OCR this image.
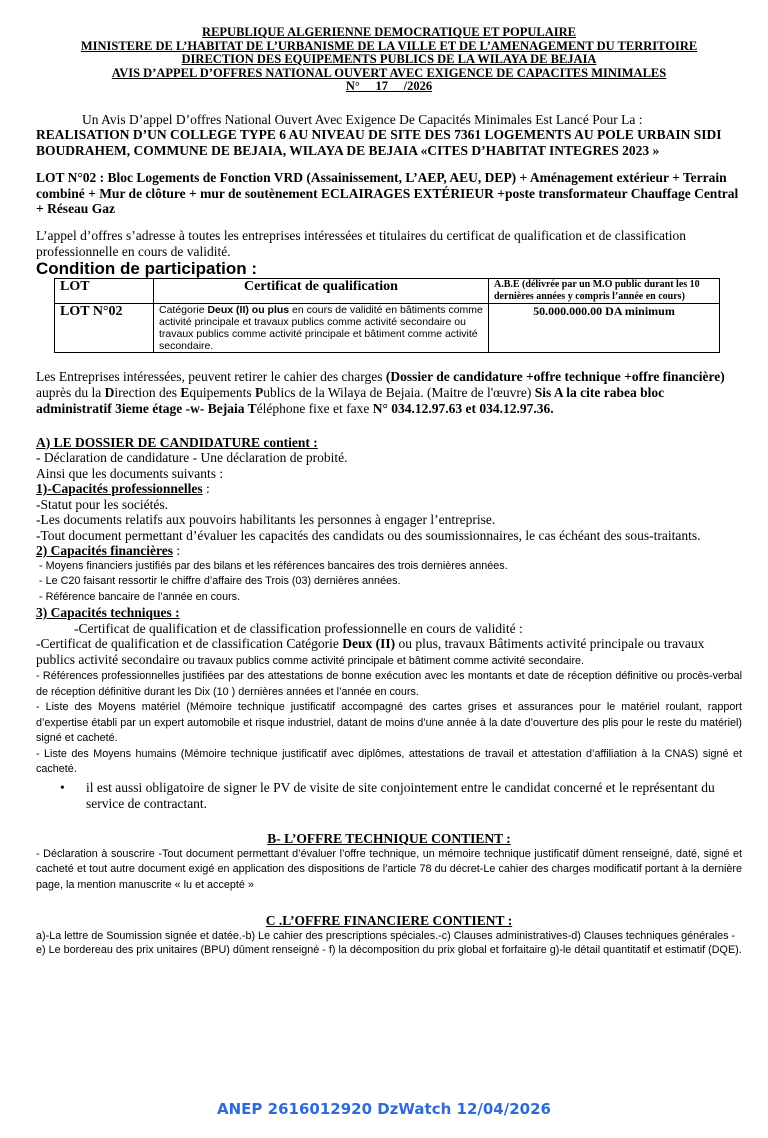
REPUBLIQUE ALGERIENNE DEMOCRATIQUE ET POPULAIRE
MINISTERE DE L’HABITAT DE L’URBANISME DE LA VILLE ET DE L’AMENAGEMENT DU TERRITOIRE
DIRECTION DES EQUIPEMENTS PUBLICS DE LA WILAYA DE BEJAIA
AVIS D’APPEL D’OFFRES NATIONAL OUVERT AVEC EXIGENCE DE CAPACITES MINIMALES
N°     17     /2026
Un Avis D’appel D’offres National Ouvert Avec Exigence De Capacités Minimales Est Lancé Pour La :
REALISATION D’UN COLLEGE TYPE 6 AU NIVEAU DE SITE DES 7361 LOGEMENTS AU POLE URBAIN SIDI BOUDRAHEM, COMMUNE DE BEJAIA, WILAYA DE BEJAIA «CITES D’HABITAT INTEGRES 2023 »
LOT N°02 : Bloc Logements de Fonction VRD (Assainissement, L’AEP, AEU, DEP) + Aménagement extérieur + Terrain combiné + Mur de clôture + mur de soutènement ECLAIRAGES EXTÉRIEUR +poste transformateur Chauffage Central + Réseau Gaz
L’appel d’offres s’adresse à toutes les entreprises intéressées et titulaires du certificat de qualification et de classification professionnelle en cours de validité.
Condition de participation :
LOT	Certificat de qualification	A.B.E (délivrée par un M.O public durant les 10 dernières années y compris l’année en cours)
LOT N°02	Catégorie Deux (II) ou plus en cours de validité en bâtiments comme activité principale et travaux publics comme activité secondaire ou travaux publics comme activité principale et bâtiment comme activité secondaire.	50.000.000.00 DA minimum
Les Entreprises intéressées, peuvent retirer le cahier des charges (Dossier de candidature +offre technique +offre financière) auprès du la Direction des Equipements Publics de la Wilaya de Bejaia. (Maitre de l'œuvre) Sis A la cite rabea bloc administratif 3ieme étage -w- Bejaia Téléphone fixe et faxe N° 034.12.97.63 et 034.12.97.36.
A) LE DOSSIER DE CANDIDATURE contient :
- Déclaration de candidature - Une déclaration de probité.
Ainsi que les documents suivants :
1)-Capacités professionnelles :
-Statut pour les sociétés.
-Les documents relatifs aux pouvoirs habilitants les personnes à engager l’entreprise.
-Tout document permettant d’évaluer les capacités des candidats ou des soumissionnaires, le cas échéant des sous-traitants.
2) Capacités financières :
- Moyens financiers justifiés par des bilans et les références bancaires des trois dernières années.
- Le C20 faisant ressortir le chiffre d’affaire des Trois (03) dernières années.
- Référence bancaire de l’année en cours.
3) Capacités techniques :
-Certificat de qualification et de classification professionnelle en cours de validité :
-Certificat de qualification et de classification Catégorie Deux (II) ou plus, travaux Bâtiments activité principale ou travaux publics activité secondaire ou travaux publics comme activité principale et bâtiment comme activité secondaire.
- Références professionnelles justifiées par des attestations de bonne exécution avec les montants et date de réception définitive ou procès-verbal de réception définitive durant les Dix (10 ) dernières années et l’année en cours.
- Liste des Moyens matériel (Mémoire technique justificatif accompagné des cartes grises et assurances pour le matériel roulant, rapport d’expertise établi par un expert automobile et risque industriel, datant de moins d’une année à la date d’ouverture des plis pour le reste du matériel) signé et cacheté.
- Liste des Moyens humains (Mémoire technique justificatif avec diplômes, attestations de travail et attestation d’affiliation à la CNAS) signé et cacheté.
•	il est aussi obligatoire de signer le PV de visite de site conjointement entre le candidat concerné et le représentant du service de contractant.
B- L’OFFRE TECHNIQUE CONTIENT :
- Déclaration à souscrire -Tout document permettant d’évaluer l’offre technique, un mémoire technique justificatif dûment renseigné, daté, signé et cacheté et tout autre document exigé en application des dispositions de l’article 78 du décret-Le cahier des charges modificatif portant à la dernière page, la mention manuscrite « lu et accepté »
C .L’OFFRE FINANCIERE CONTIENT :
a)-La lettre de Soumission signée et datée.-b) Le cahier des prescriptions spéciales.-c) Clauses administratives-d) Clauses techniques générales -e) Le bordereau des prix unitaires (BPU) dûment renseigné - f) la décomposition du prix global et forfaitaire g)-le détail quantitatif et estimatif (DQE).
ANEP 2616012920 DzWatch 12/04/2026
